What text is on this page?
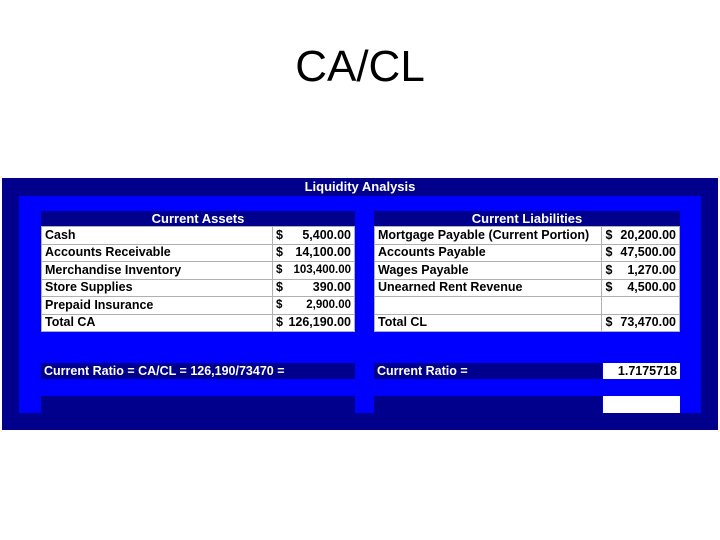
CA/CL
Liquidity Analysis
Current Assets
Cash	$ 5,400.00

Accounts Receivable	$ 14,100.00

Merchandise Inventory	$ 103,400.00

Store Supplies	$ 390.00

Prepaid Insurance	$ 2,900.00

Total CA	$ 126,190.00
Current Liabilities
Mortgage Payable (Current Portion)	$ 20,200.00

Accounts Payable	$ 47,500.00

Wages Payable	$ 1,270.00

Unearned Rent Revenue	$ 4,500.00

Total CL	$ 73,470.00
Current Ratio = CA/CL = 126,190/73470 =	Current Ratio =	1.7175718
